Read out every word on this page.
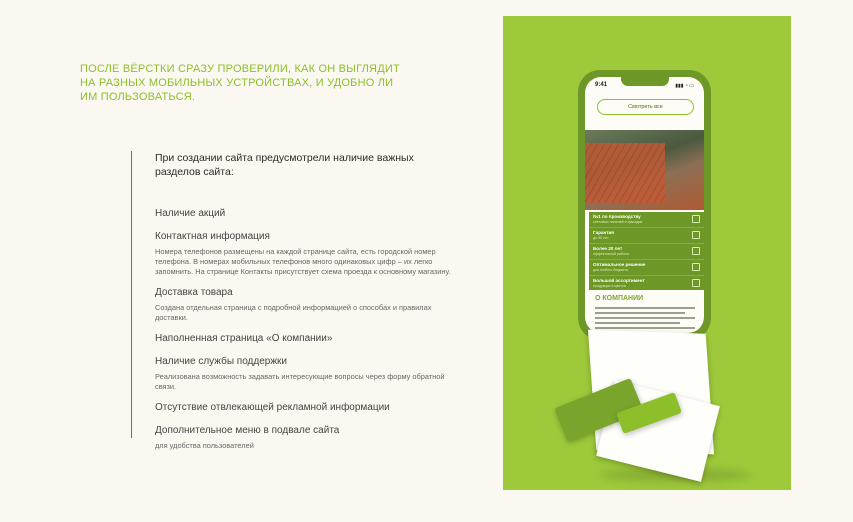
ПОСЛЕ ВЁРСТКИ СРАЗУ ПРОВЕРИЛИ, КАК ОН ВЫГЛЯДИТ НА РАЗНЫХ МОБИЛЬНЫХ УСТРОЙСТВАХ, И УДОБНО ЛИ ИМ ПОЛЬЗОВАТЬСЯ.
При создании сайта предусмотрели наличие важных разделов сайта:
Наличие акций
Контактная информация
Номера телефонов размещены на каждой странице сайта, есть городской номер телефона. В номерах мобильных телефонов много одинаковых цифр – их легко запомнить. На странице Контакты присутствует схема проезда к основному магазину.
Доставка товара
Создана отдельная страница с подробной информацией о способах и правилах доставки.
Наполненная страница «О компании»
Наличие службы поддержки
Реализована возможность задавать интересующие вопросы через форму обратной связи.
Отсутствие отвлекающей рекламной информации
Дополнительное меню в подвале сайта
для удобства пользователей
9:41	▮▮▮ ◔ ▭
Смотреть все
№1 по производству
стеновых панелей и фасадов
Гарантия
до 50 лет
Более 20 лет
эффективной работы
Оптимальное решение
для любого бюджета
Большой ассортимент
продукции и цветов
О КОМПАНИИ
